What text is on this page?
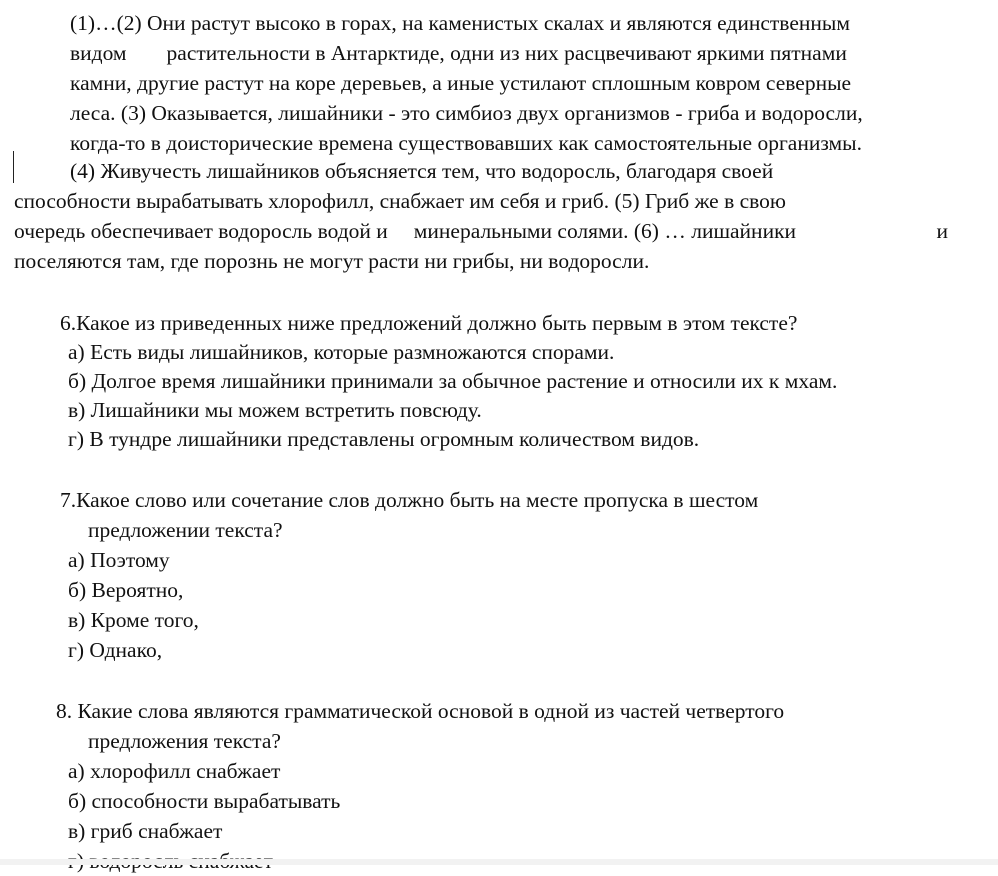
(1)…(2) Они растут высоко в горах, на каменистых скалах и являются единственным
видом растительности в Антарктиде, одни из них расцвечивают яркими пятнами
камни, другие растут на коре деревьев, а иные устилают сплошным ковром северные
леса. (3) Оказывается, лишайники - это симбиоз двух организмов - гриба и водоросли,
когда-то в доисторические времена существовавших как самостоятельные организмы.
(4) Живучесть лишайников объясняется тем, что водоросль, благодаря своей
способности вырабатывать хлорофилл, снабжает им себя и гриб. (5) Гриб же в свою
очередь обеспечивает водоросль водой и минеральными солями. (6) … лишайники	и
поселяются там, где порознь не могут расти ни грибы, ни водоросли.
6.Какое из приведенных ниже предложений должно быть первым в этом тексте?
а) Есть виды лишайников, которые размножаются спорами.
б) Долгое время лишайники принимали за обычное растение и относили их к мхам.
в) Лишайники мы можем встретить повсюду.
г) В тундре лишайники представлены огромным количеством видов.
7.Какое слово или сочетание слов должно быть на месте пропуска в шестом
предложении текста?
а) Поэтому
б) Вероятно,
в) Кроме того,
г) Однако,
8. Какие слова являются грамматической основой в одной из частей четвертого
предложения текста?
а) хлорофилл снабжает
б) способности вырабатывать
в) гриб снабжает
